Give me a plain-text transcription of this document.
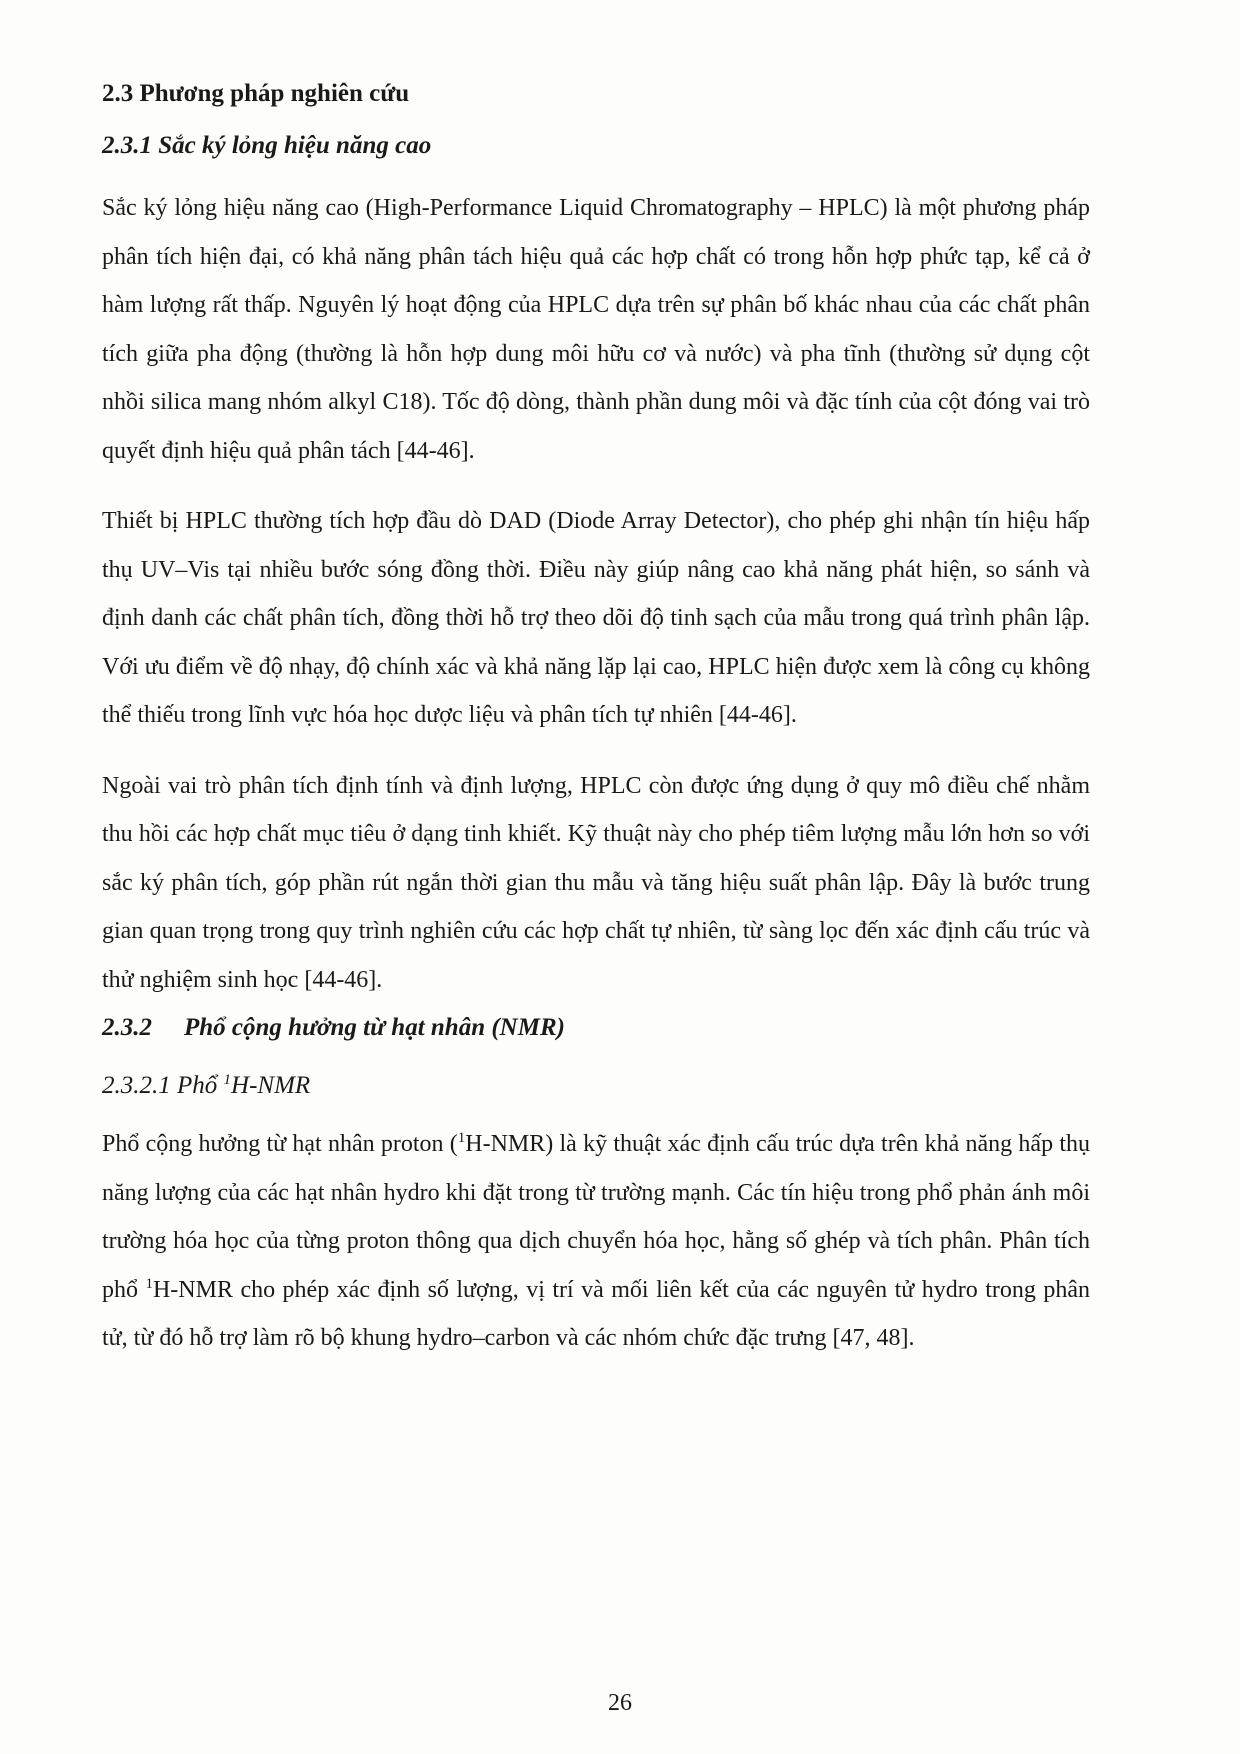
2.3 Phương pháp nghiên cứu
2.3.1 Sắc ký lỏng hiệu năng cao

Sắc ký lỏng hiệu năng cao (High-Performance Liquid Chromatography – HPLC) là một phương pháp phân tích hiện đại, có khả năng phân tách hiệu quả các hợp chất có trong hỗn hợp phức tạp, kể cả ở hàm lượng rất thấp. Nguyên lý hoạt động của HPLC dựa trên sự phân bố khác nhau của các chất phân tích giữa pha động (thường là hỗn hợp dung môi hữu cơ và nước) và pha tĩnh (thường sử dụng cột nhồi silica mang nhóm alkyl C18). Tốc độ dòng, thành phần dung môi và đặc tính của cột đóng vai trò quyết định hiệu quả phân tách [44-46].

Thiết bị HPLC thường tích hợp đầu dò DAD (Diode Array Detector), cho phép ghi nhận tín hiệu hấp thụ UV–Vis tại nhiều bước sóng đồng thời. Điều này giúp nâng cao khả năng phát hiện, so sánh và định danh các chất phân tích, đồng thời hỗ trợ theo dõi độ tinh sạch của mẫu trong quá trình phân lập. Với ưu điểm về độ nhạy, độ chính xác và khả năng lặp lại cao, HPLC hiện được xem là công cụ không thể thiếu trong lĩnh vực hóa học dược liệu và phân tích tự nhiên [44-46].

Ngoài vai trò phân tích định tính và định lượng, HPLC còn được ứng dụng ở quy mô điều chế nhằm thu hồi các hợp chất mục tiêu ở dạng tinh khiết. Kỹ thuật này cho phép tiêm lượng mẫu lớn hơn so với sắc ký phân tích, góp phần rút ngắn thời gian thu mẫu và tăng hiệu suất phân lập. Đây là bước trung gian quan trọng trong quy trình nghiên cứu các hợp chất tự nhiên, từ sàng lọc đến xác định cấu trúc và thử nghiệm sinh học [44-46].

2.3.2 Phổ cộng hưởng từ hạt nhân (NMR)
2.3.2.1 Phổ $^1$H-NMR

Phổ cộng hưởng từ hạt nhân proton ($^1$H-NMR) là kỹ thuật xác định cấu trúc dựa trên khả năng hấp thụ năng lượng của các hạt nhân hydro khi đặt trong từ trường mạnh. Các tín hiệu trong phổ phản ánh môi trường hóa học của từng proton thông qua dịch chuyển hóa học, hằng số ghép và tích phân. Phân tích phổ $^1$H-NMR cho phép xác định số lượng, vị trí và mối liên kết của các nguyên tử hydro trong phân tử, từ đó hỗ trợ làm rõ bộ khung hydro–carbon và các nhóm chức đặc trưng [47, 48].

26
